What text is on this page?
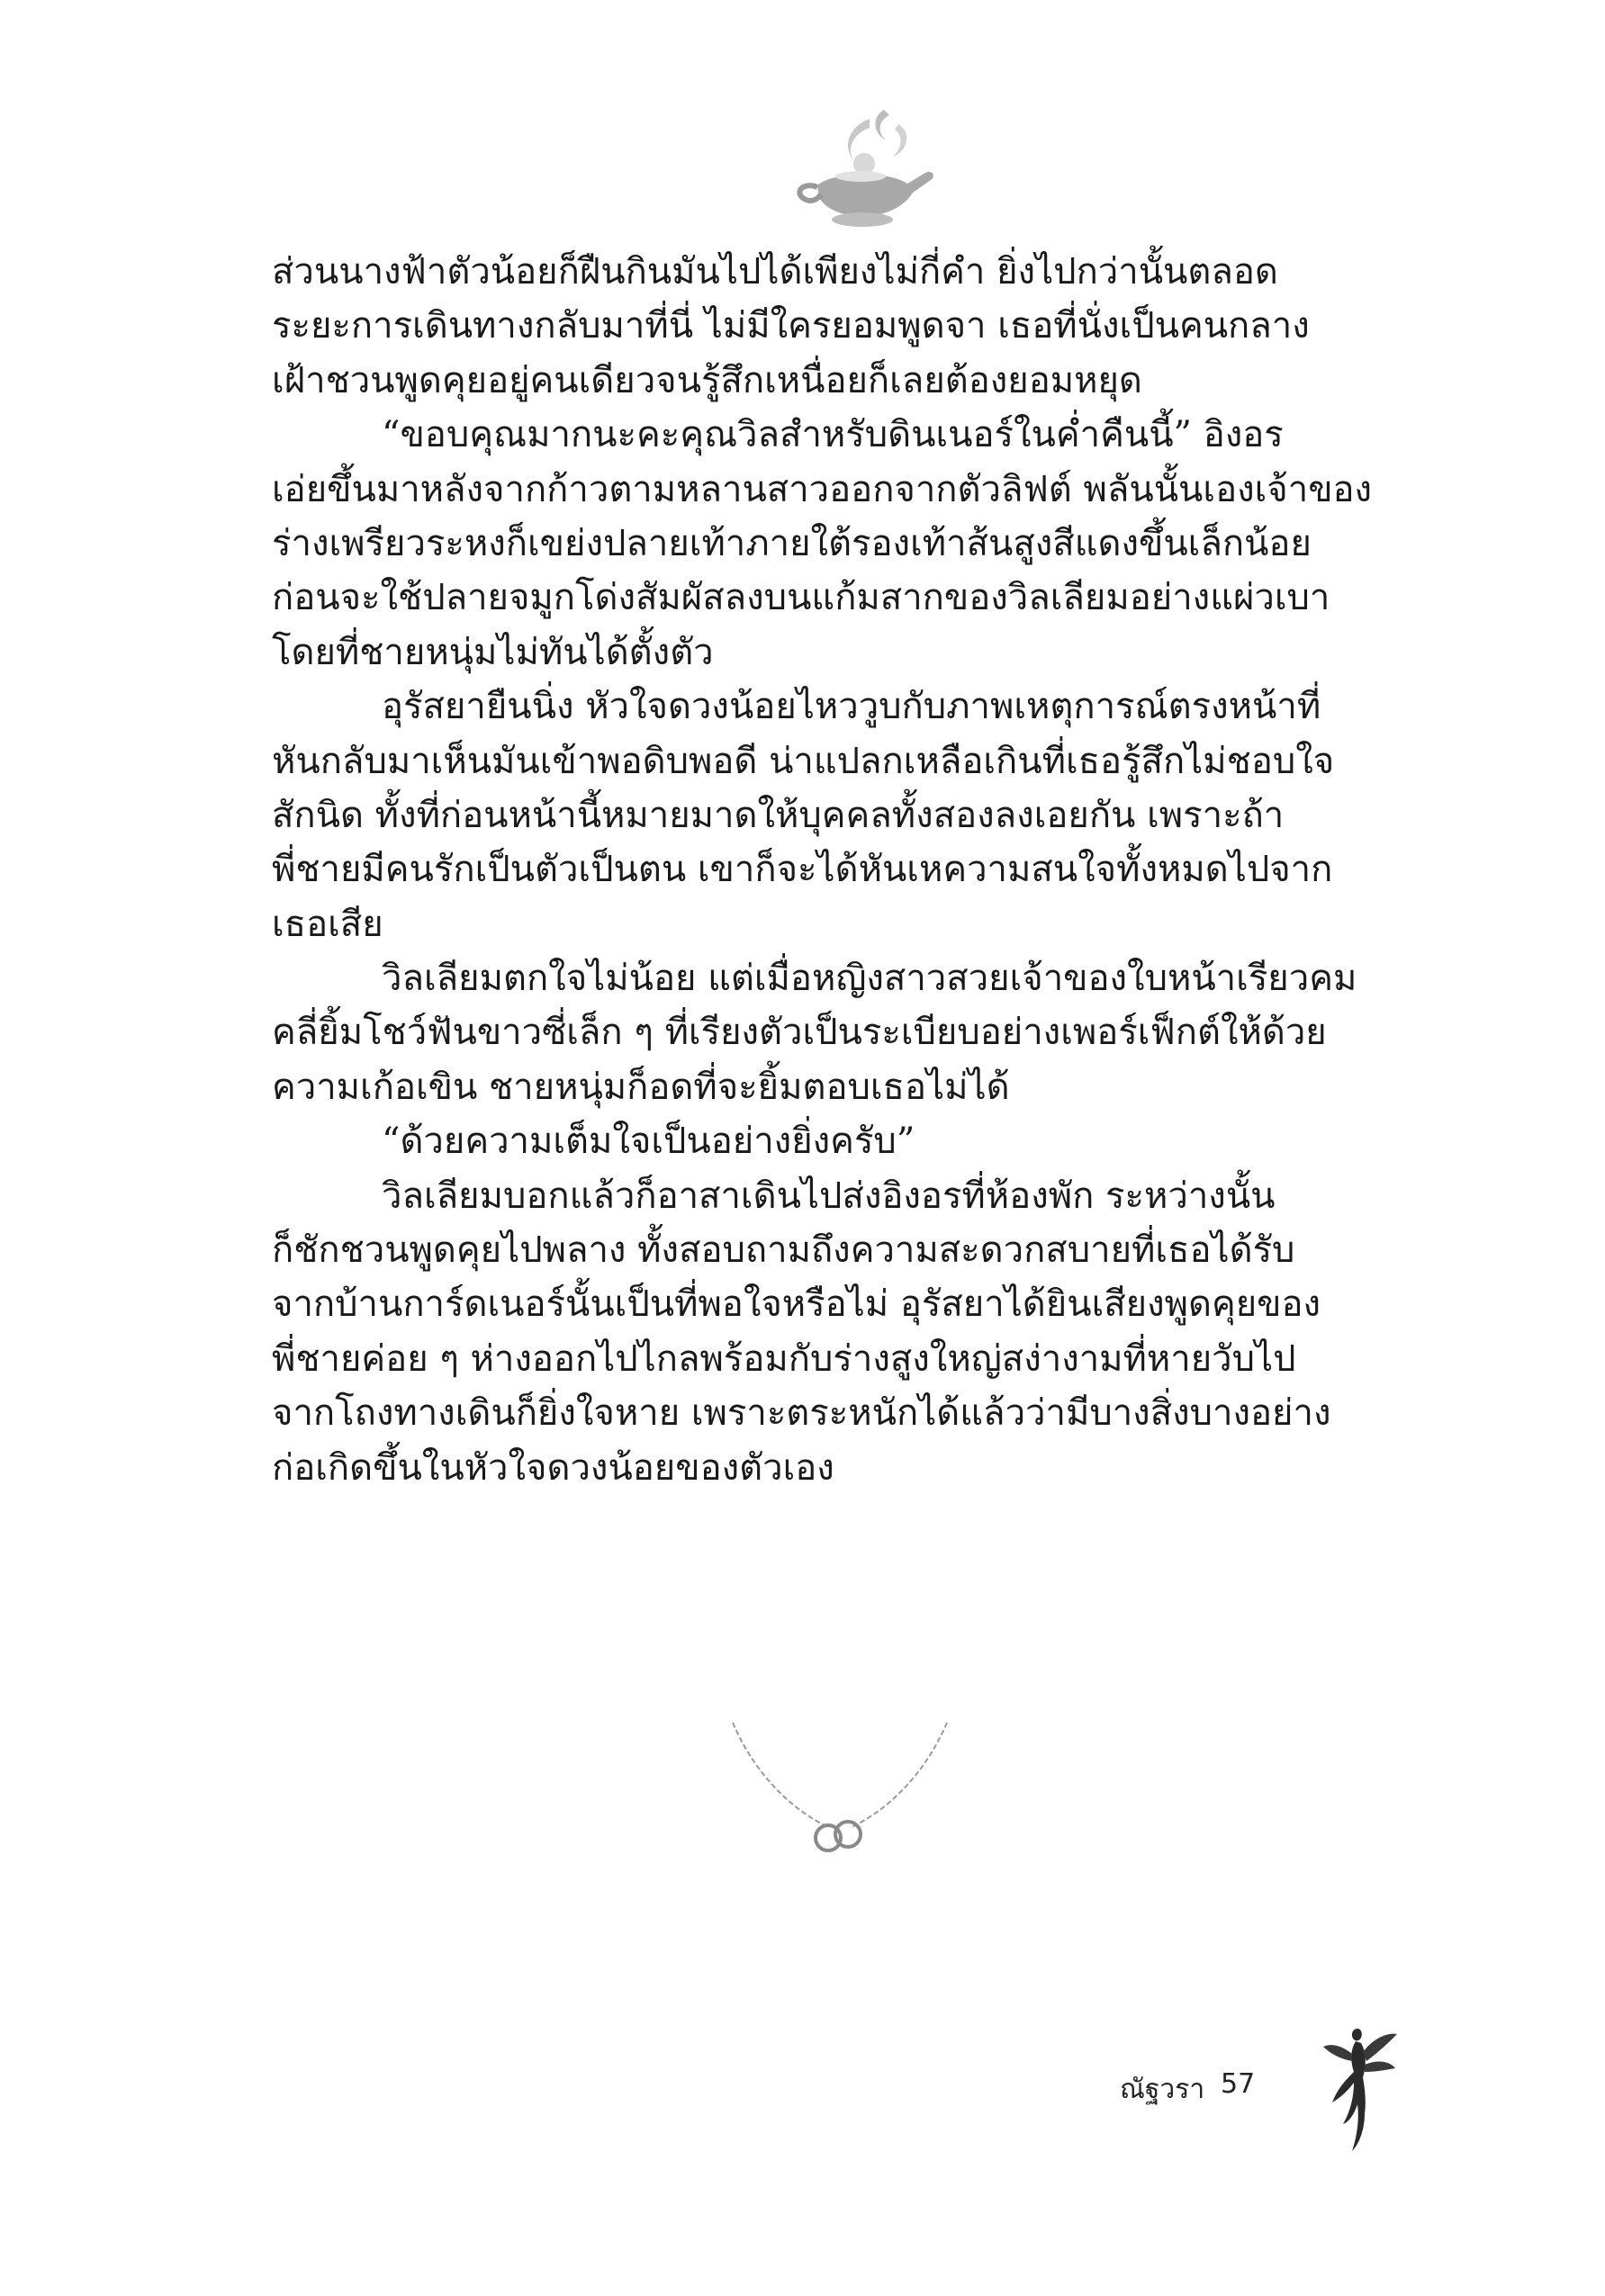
ส่วนนางฟ้าตัวน้อยก็ฝืนกินมันไปได้เพียงไม่กี่คำ ยิ่งไปกว่านั้นตลอด
ระยะการเดินทางกลับมาที่นี่ ไม่มีใครยอมพูดจา เธอที่นั่งเป็นคนกลาง
เฝ้าชวนพูดคุยอยู่คนเดียวจนรู้สึกเหนื่อยก็เลยต้องยอมหยุด
“ขอบคุณมากนะคะคุณวิลสำหรับดินเนอร์ในค่ำคืนนี้” อิงอร
เอ่ยขึ้นมาหลังจากก้าวตามหลานสาวออกจากตัวลิฟต์ พลันนั้นเองเจ้าของ
ร่างเพรียวระหงก็เขย่งปลายเท้าภายใต้รองเท้าส้นสูงสีแดงขึ้นเล็กน้อย
ก่อนจะใช้ปลายจมูกโด่งสัมผัสลงบนแก้มสากของวิลเลียมอย่างแผ่วเบา
โดยที่ชายหนุ่มไม่ทันได้ตั้งตัว
อุรัสยายืนนิ่ง หัวใจดวงน้อยไหววูบกับภาพเหตุการณ์ตรงหน้าที่
หันกลับมาเห็นมันเข้าพอดิบพอดี น่าแปลกเหลือเกินที่เธอรู้สึกไม่ชอบใจ
สักนิด ทั้งที่ก่อนหน้านี้หมายมาดให้บุคคลทั้งสองลงเอยกัน เพราะถ้า
พี่ชายมีคนรักเป็นตัวเป็นตน เขาก็จะได้หันเหความสนใจทั้งหมดไปจาก
เธอเสีย
วิลเลียมตกใจไม่น้อย แต่เมื่อหญิงสาวสวยเจ้าของใบหน้าเรียวคม
คลี่ยิ้มโชว์ฟันขาวซี่เล็ก ๆ ที่เรียงตัวเป็นระเบียบอย่างเพอร์เฟ็กต์ให้ด้วย
ความเก้อเขิน ชายหนุ่มก็อดที่จะยิ้มตอบเธอไม่ได้
“ด้วยความเต็มใจเป็นอย่างยิ่งครับ”
วิลเลียมบอกแล้วก็อาสาเดินไปส่งอิงอรที่ห้องพัก ระหว่างนั้น
ก็ชักชวนพูดคุยไปพลาง ทั้งสอบถามถึงความสะดวกสบายที่เธอได้รับ
จากบ้านการ์ดเนอร์นั้นเป็นที่พอใจหรือไม่ อุรัสยาได้ยินเสียงพูดคุยของ
พี่ชายค่อย ๆ ห่างออกไปไกลพร้อมกับร่างสูงใหญ่สง่างามที่หายวับไป
จากโถงทางเดินก็ยิ่งใจหาย เพราะตระหนักได้แล้วว่ามีบางสิ่งบางอย่าง
ก่อเกิดขึ้นในหัวใจดวงน้อยของตัวเอง
ณัฐวรา 57
